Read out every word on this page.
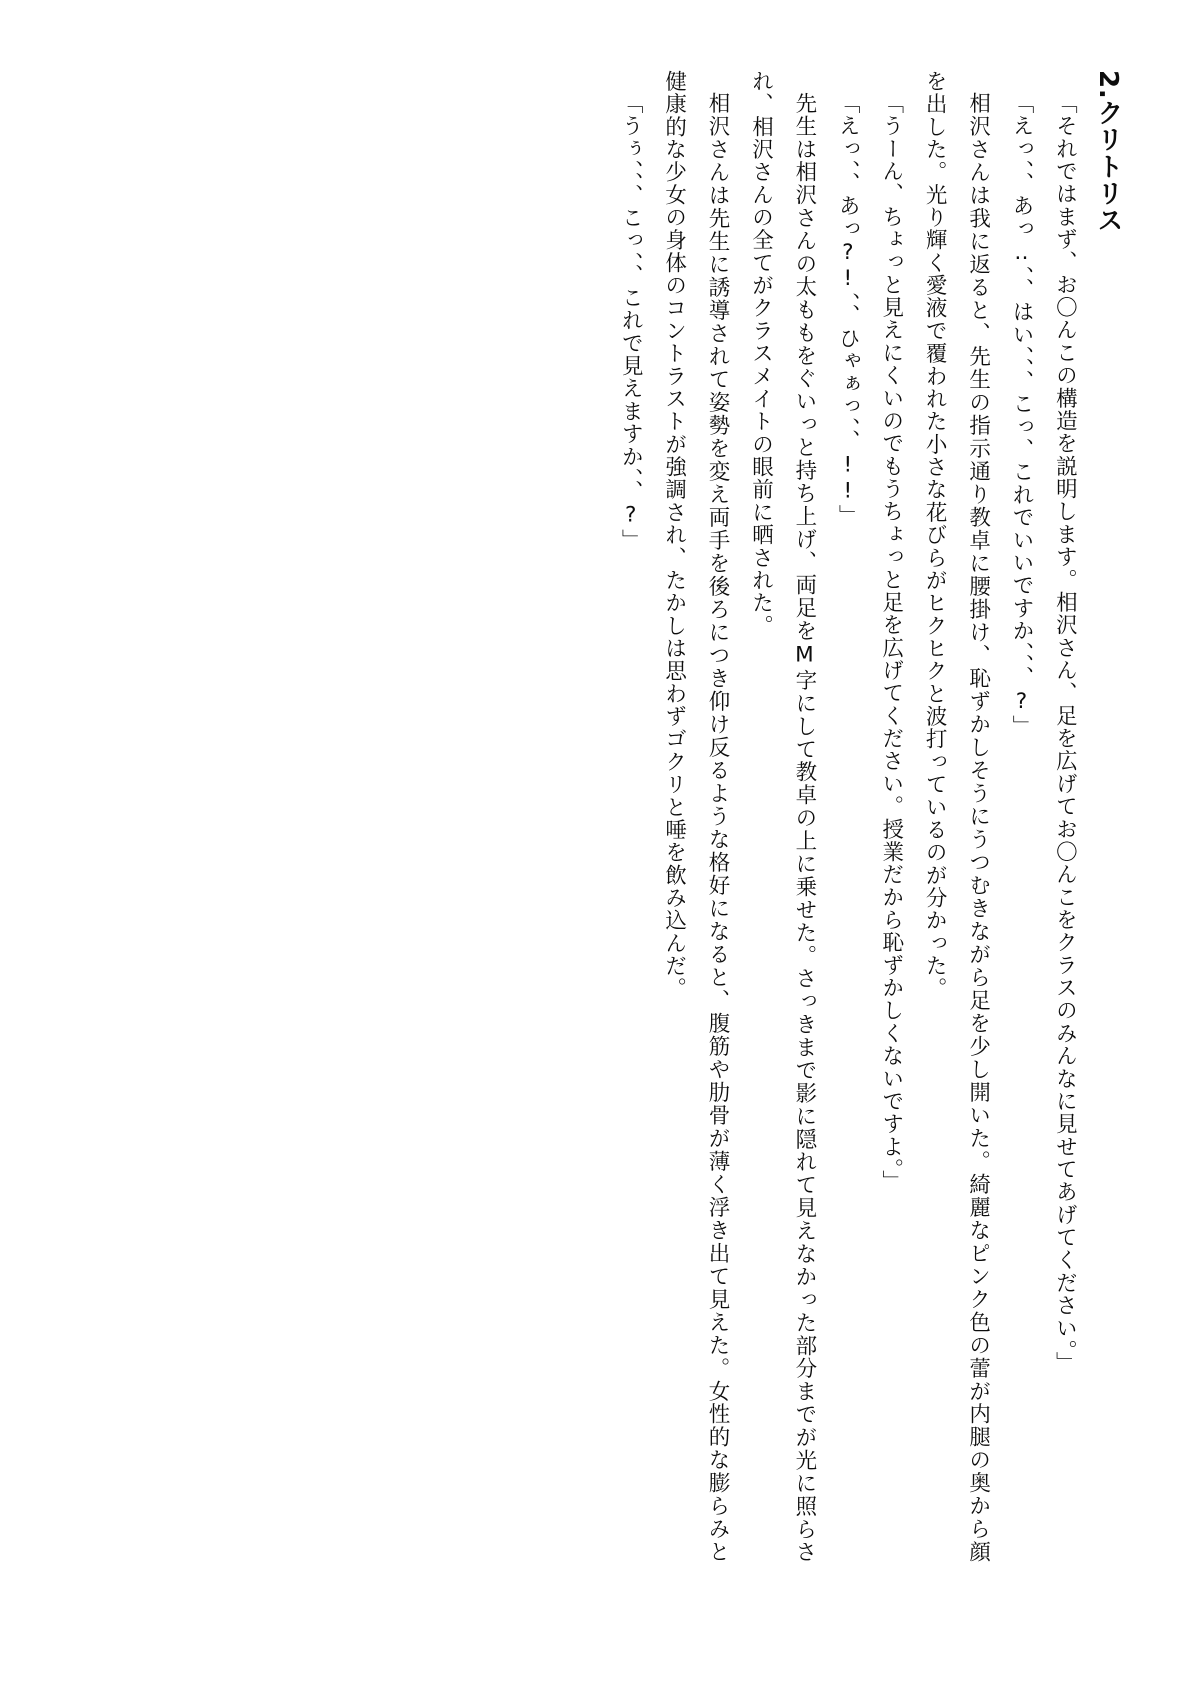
2.クリトリス

「それではまず、お〇んこの構造を説明します。相沢さん、足を広げてお〇んこをクラスのみんなに見せてあげてください。」

「えっ、、あっ‥、、はい、、、こっ、これでいいですか、、、?」

相沢さんは我に返ると、先生の指示通り教卓に腰掛け、恥ずかしそうにうつむきながら足を少し開いた。綺麗なピンク色の蕾が内腿の奥から顔を出した。光り輝く愛液で覆われた小さな花びらがヒクヒクと波打っているのが分かった。

「うーん、ちょっと見えにくいのでもうちょっと足を広げてください。授業だから恥ずかしくないですよ。」

「えっ、、あっ?!、、ひゃぁっ、、!!」

先生は相沢さんの太ももをぐいっと持ち上げ、両足をM字にして教卓の上に乗せた。さっきまで影に隠れて見えなかった部分までが光に照らされ、相沢さんの全てがクラスメイトの眼前に晒された。

相沢さんは先生に誘導されて姿勢を変え両手を後ろにつき仰け反るような格好になると、腹筋や肋骨が薄く浮き出て見えた。女性的な膨らみと健康的な少女の身体のコントラストが強調され、たかしは思わずゴクリと唾を飲み込んだ。

「うぅ、、、こっ、、これで見えますか、、?」
